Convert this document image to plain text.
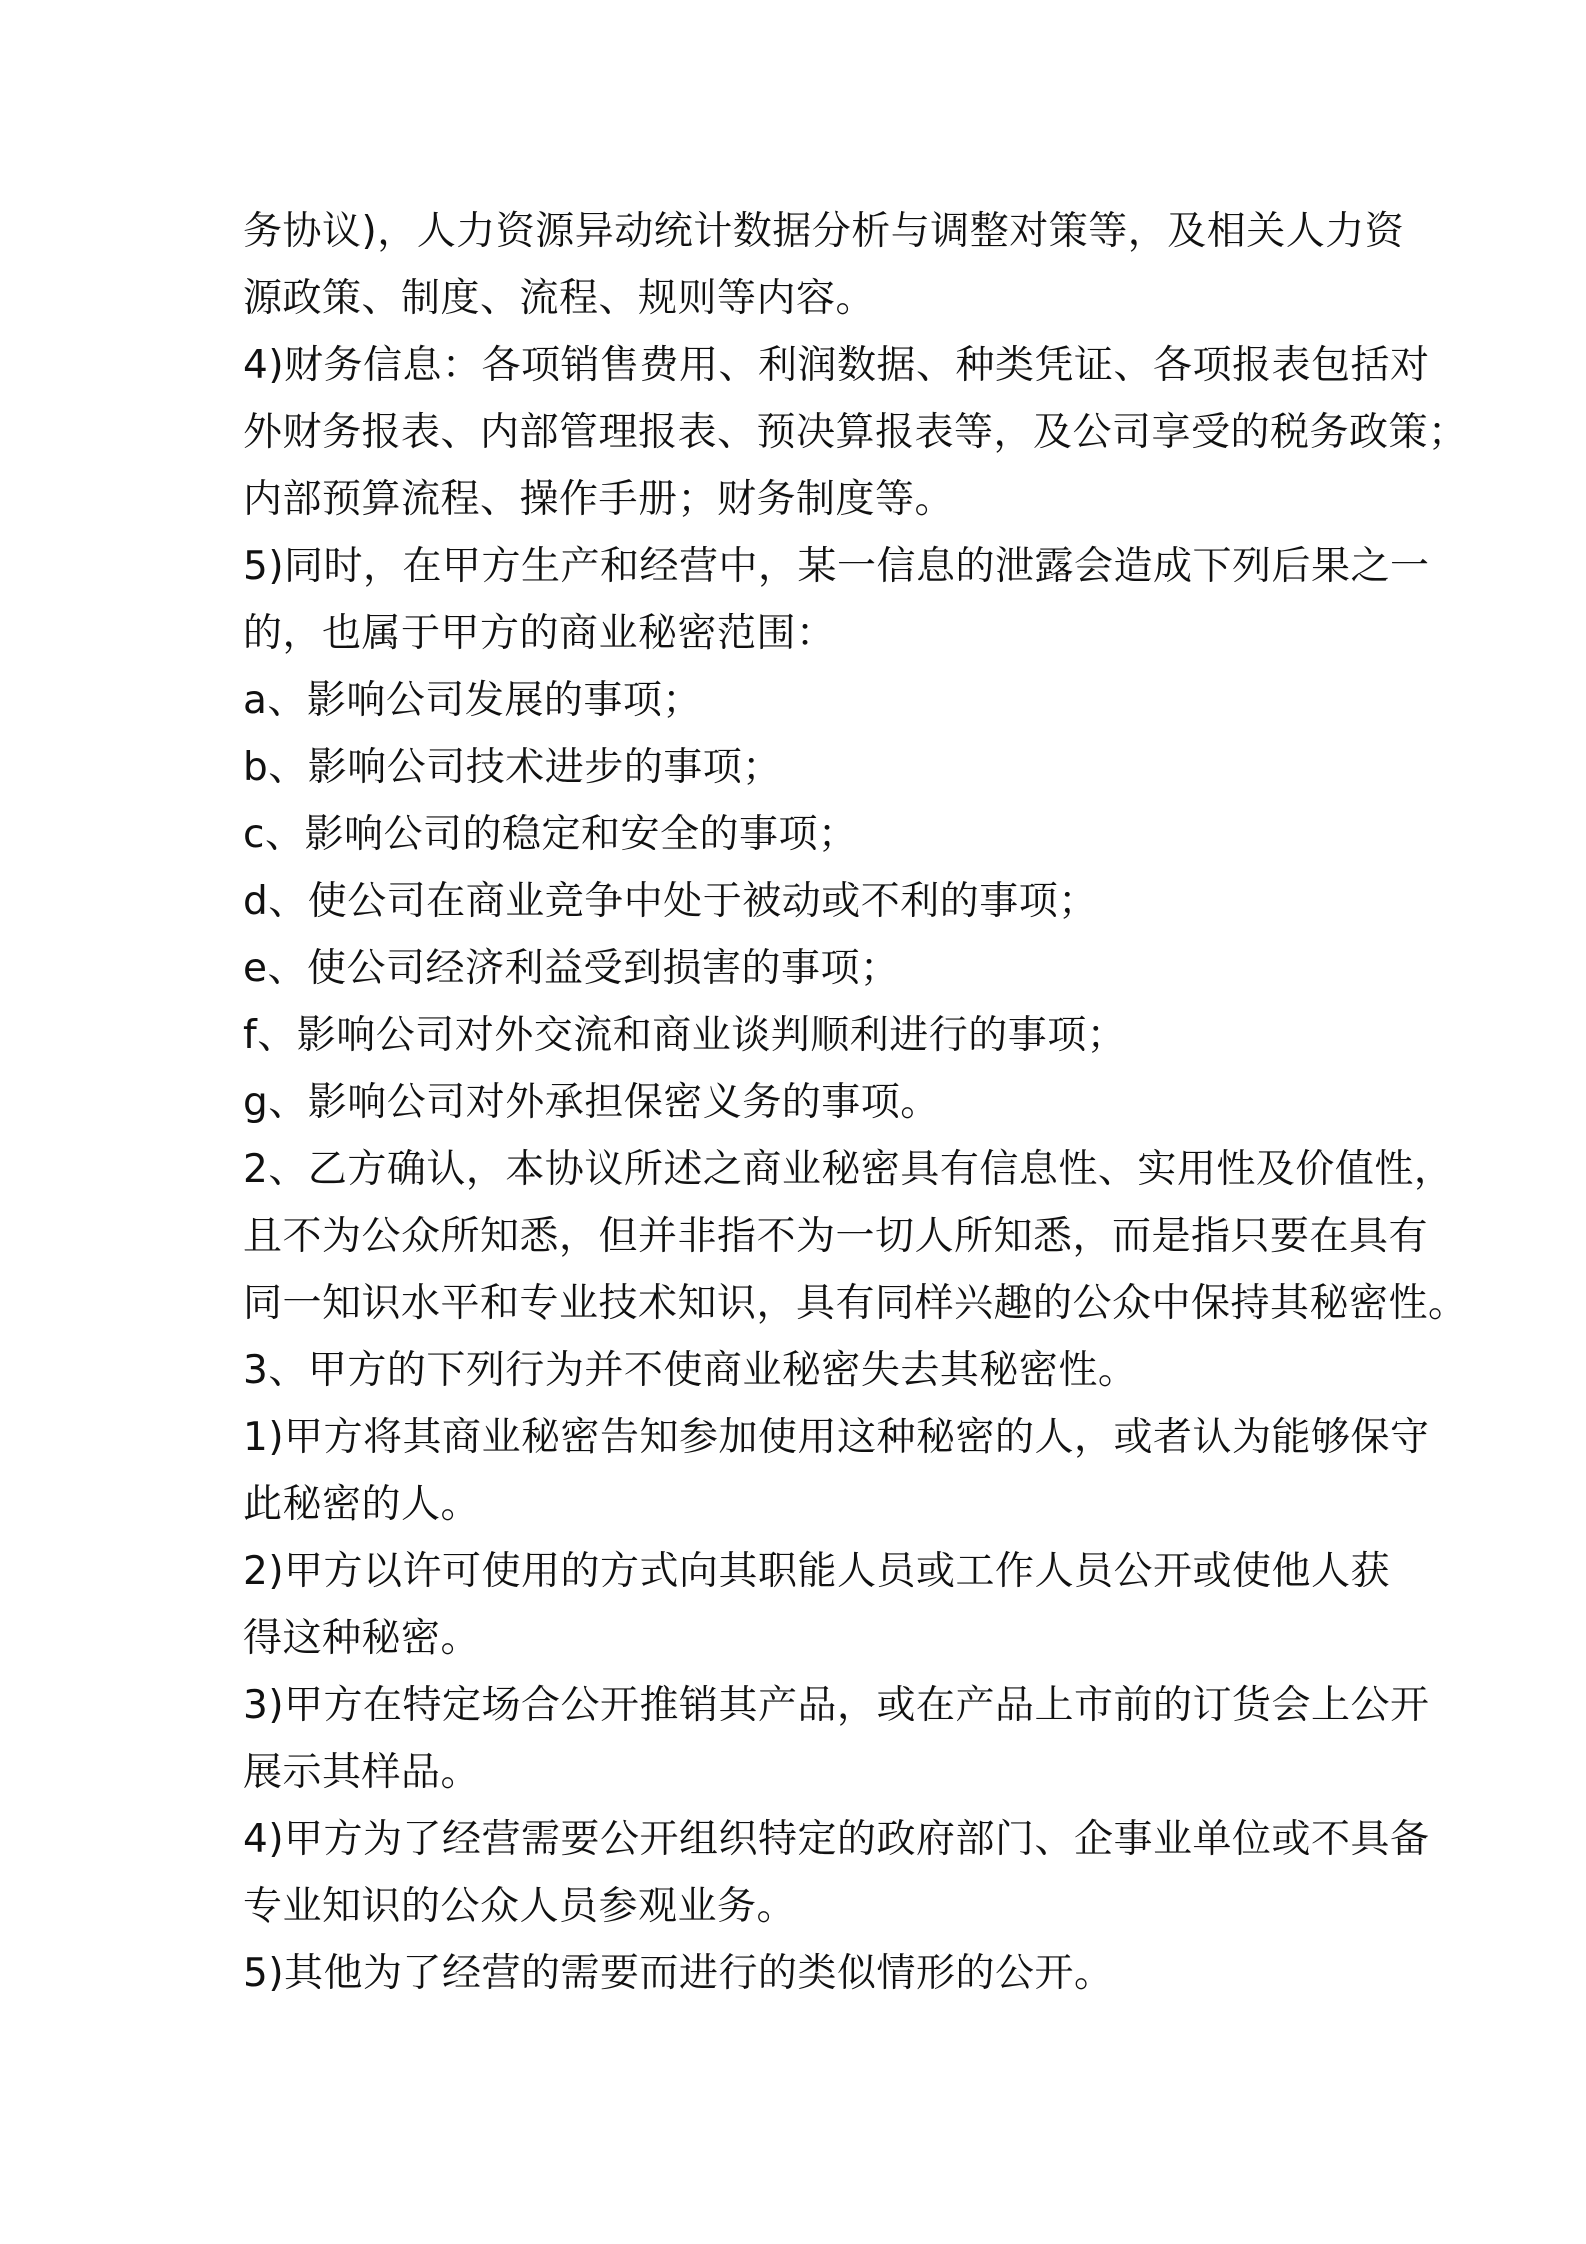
务协议)，人力资源异动统计数据分析与调整对策等，及相关人力资
源政策、制度、流程、规则等内容。
4)财务信息：各项销售费用、利润数据、种类凭证、各项报表包括对
外财务报表、内部管理报表、预决算报表等，及公司享受的税务政策；
内部预算流程、操作手册；财务制度等。
5)同时，在甲方生产和经营中，某一信息的泄露会造成下列后果之一
的，也属于甲方的商业秘密范围：
a、影响公司发展的事项；
b、影响公司技术进步的事项；
c、影响公司的稳定和安全的事项；
d、使公司在商业竞争中处于被动或不利的事项；
e、使公司经济利益受到损害的事项；
f、影响公司对外交流和商业谈判顺利进行的事项；
g、影响公司对外承担保密义务的事项。
2、乙方确认，本协议所述之商业秘密具有信息性、实用性及价值性，
且不为公众所知悉，但并非指不为一切人所知悉，而是指只要在具有
同一知识水平和专业技术知识，具有同样兴趣的公众中保持其秘密性。
3、甲方的下列行为并不使商业秘密失去其秘密性。
1)甲方将其商业秘密告知参加使用这种秘密的人，或者认为能够保守
此秘密的人。
2)甲方以许可使用的方式向其职能人员或工作人员公开或使他人获
得这种秘密。
3)甲方在特定场合公开推销其产品，或在产品上市前的订货会上公开
展示其样品。
4)甲方为了经营需要公开组织特定的政府部门、企事业单位或不具备
专业知识的公众人员参观业务。
5)其他为了经营的需要而进行的类似情形的公开。
